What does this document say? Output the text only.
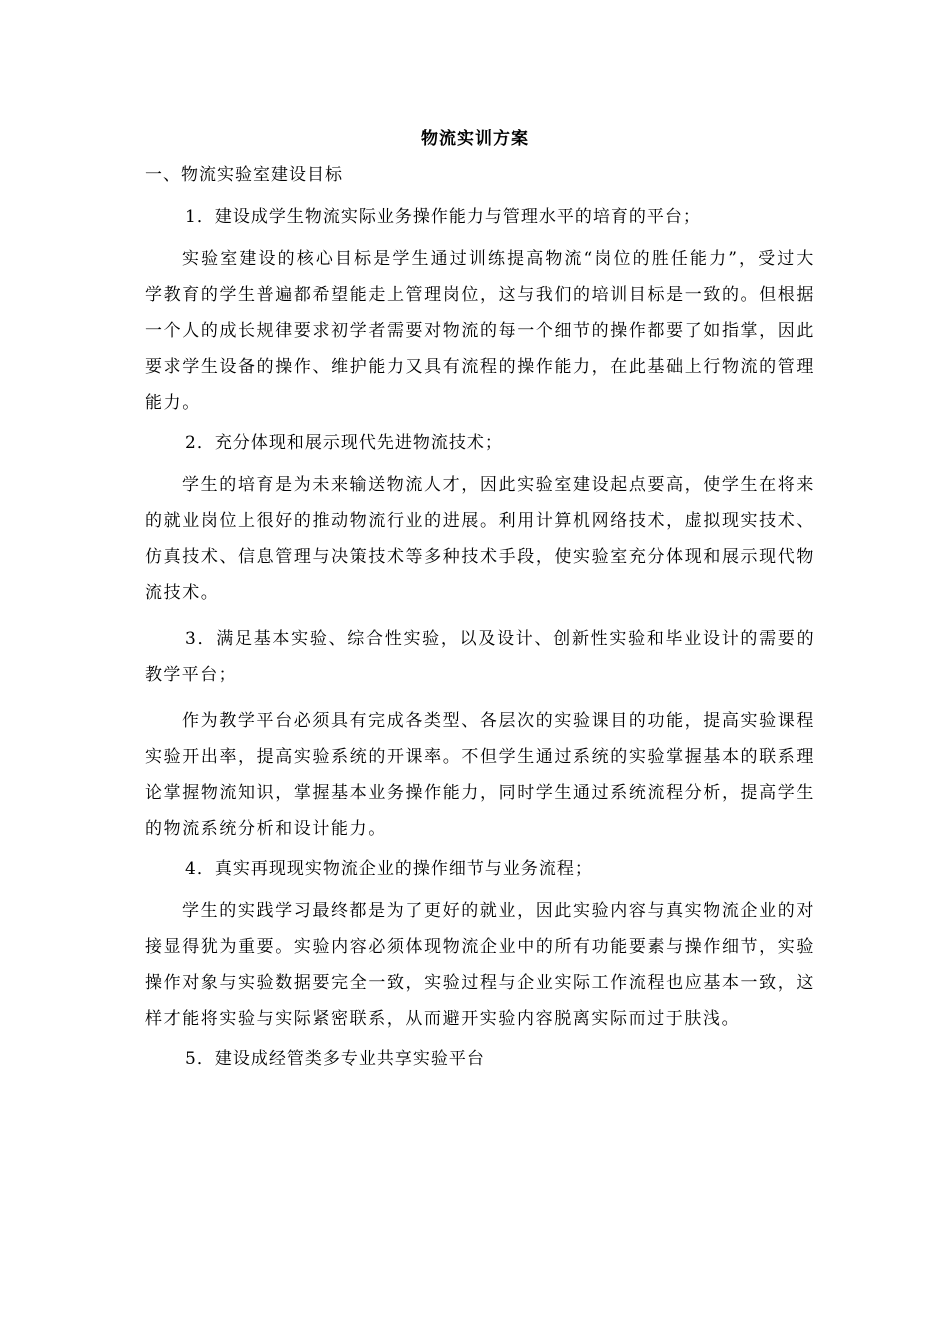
物流实训方案
一、物流实验室建设目标

1．建设成学生物流实际业务操作能力与管理水平的培育的平台；

实验室建设的核心目标是学生通过训练提高物流“岗位的胜任能力”，受过大学教育的学生普遍都希望能走上管理岗位，这与我们的培训目标是一致的。但根据一个人的成长规律要求初学者需要对物流的每一个细节的操作都要了如指掌，因此要求学生设备的操作、维护能力又具有流程的操作能力，在此基础上行物流的管理能力。

2．充分体现和展示现代先进物流技术；

学生的培育是为未来输送物流人才，因此实验室建设起点要高，使学生在将来的就业岗位上很好的推动物流行业的进展。利用计算机网络技术，虚拟现实技术、仿真技术、信息管理与决策技术等多种技术手段，使实验室充分体现和展示现代物流技术。

3．满足基本实验、综合性实验，以及设计、创新性实验和毕业设计的需要的教学平台；

作为教学平台必须具有完成各类型、各层次的实验课目的功能，提高实验课程实验开出率，提高实验系统的开课率。不但学生通过系统的实验掌握基本的联系理论掌握物流知识，掌握基本业务操作能力，同时学生通过系统流程分析，提高学生的物流系统分析和设计能力。

4．真实再现现实物流企业的操作细节与业务流程；

学生的实践学习最终都是为了更好的就业，因此实验内容与真实物流企业的对接显得犹为重要。实验内容必须体现物流企业中的所有功能要素与操作细节，实验操作对象与实验数据要完全一致，实验过程与企业实际工作流程也应基本一致，这样才能将实验与实际紧密联系，从而避开实验内容脱离实际而过于肤浅。

5．建设成经管类多专业共享实验平台
